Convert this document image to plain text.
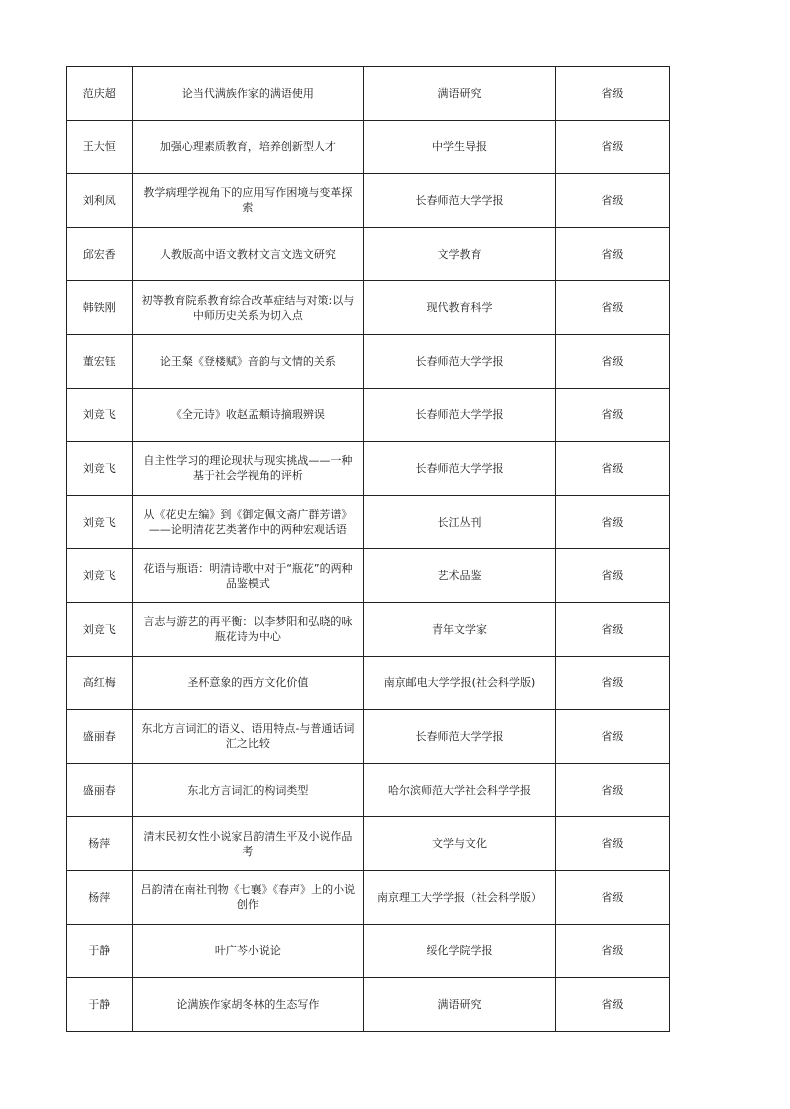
范庆超	论当代满族作家的满语使用	满语研究	省级
王大恒	加强心理素质教育，培养创新型人才	中学生导报	省级
刘利凤	教学病理学视角下的应用写作困境与变革探索	长春师范大学学报	省级
邱宏香	人教版高中语文教材文言文选文研究	文学教育	省级
韩铁刚	初等教育院系教育综合改革症结与对策:以与中师历史关系为切入点	现代教育科学	省级
董宏钰	论王粲《登楼赋》音韵与文情的关系	长春师范大学学报	省级
刘竞飞	《全元诗》收赵孟頫诗摘瑕辨误	长春师范大学学报	省级
刘竞飞	自主性学习的理论现状与现实挑战——一种基于社会学视角的评析	长春师范大学学报	省级
刘竞飞	从《花史左编》到《御定佩文斋广群芳谱》——论明清花艺类著作中的两种宏观话语	长江丛刊	省级
刘竞飞	花语与瓶语：明清诗歌中对于“瓶花”的两种品鉴模式	艺术品鉴	省级
刘竞飞	言志与游艺的再平衡：以李梦阳和弘晓的咏瓶花诗为中心	青年文学家	省级
高红梅	圣杯意象的西方文化价值	南京邮电大学学报(社会科学版)	省级
盛丽春	东北方言词汇的语义、语用特点-与普通话词汇之比较	长春师范大学学报	省级
盛丽春	东北方言词汇的构词类型	哈尔滨师范大学社会科学学报	省级
杨萍	清末民初女性小说家吕韵清生平及小说作品考	文学与文化	省级
杨萍	吕韵清在南社刊物《七襄》《春声》上的小说创作	南京理工大学学报（社会科学版）	省级
于静	叶广芩小说论	绥化学院学报	省级
于静	论满族作家胡冬林的生态写作	满语研究	省级
